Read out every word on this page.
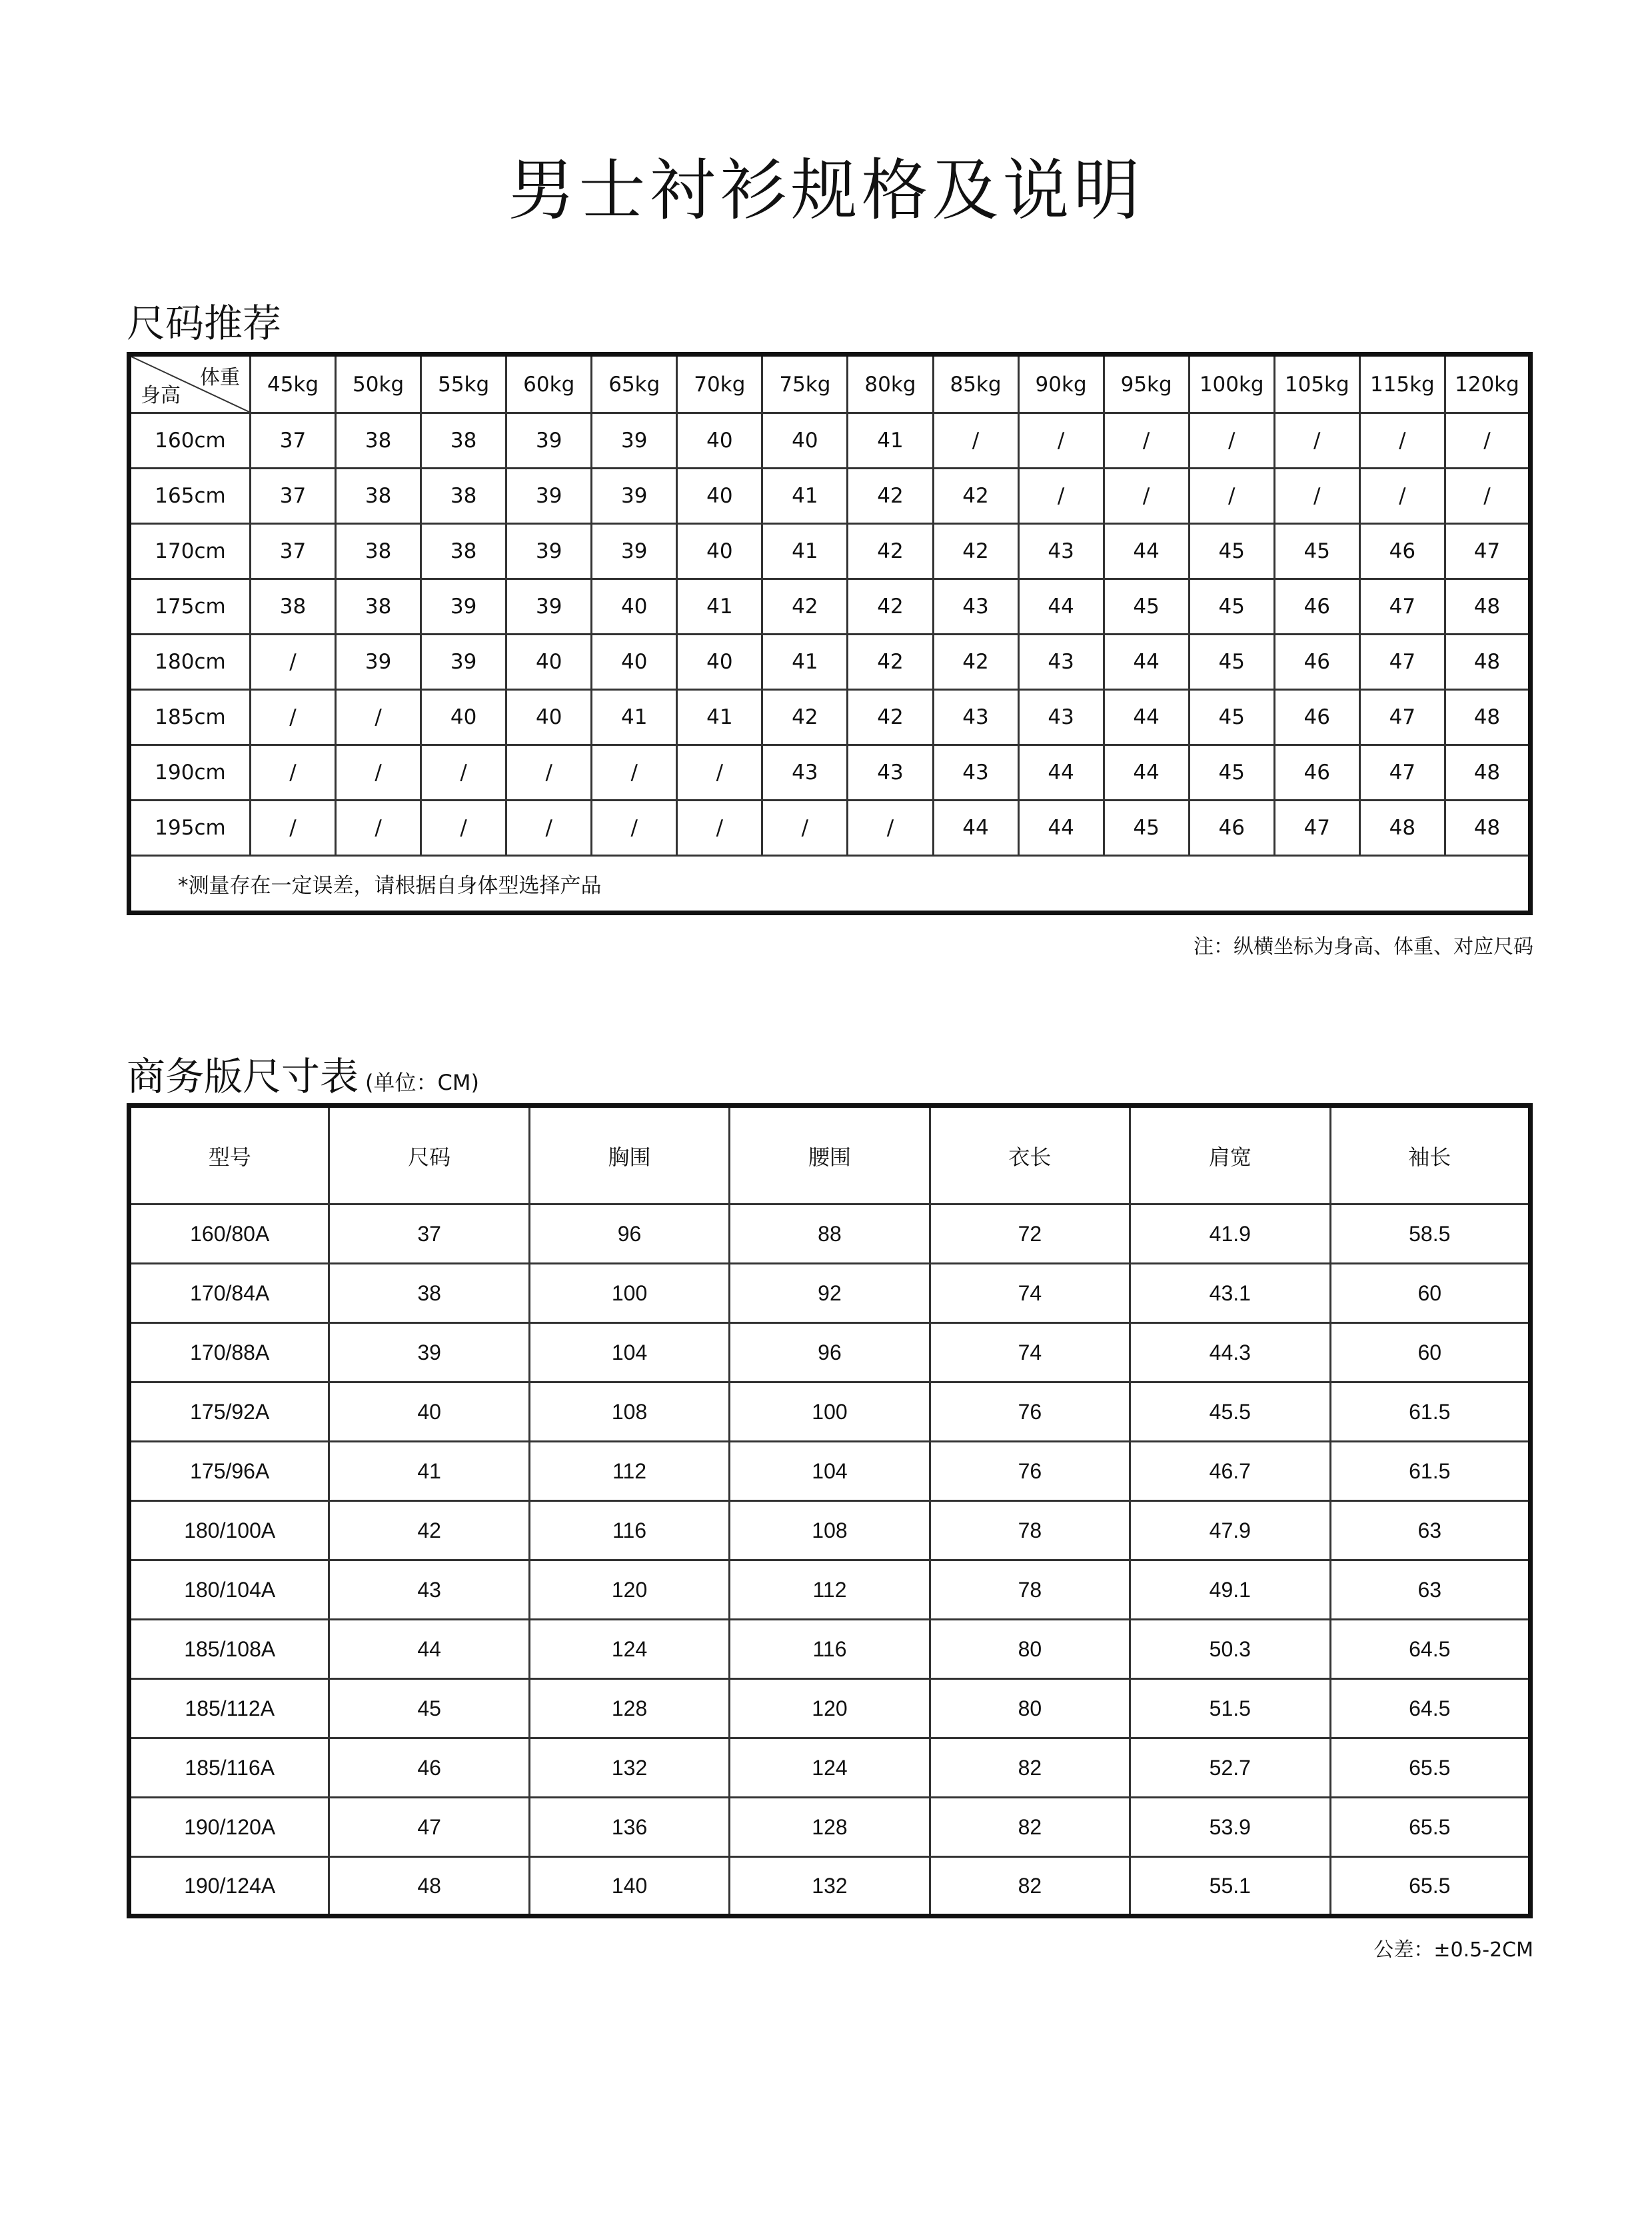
男士衬衫规格及说明
尺码推荐
体重
身高	45kg	50kg	55kg	60kg	65kg	70kg	75kg	80kg	85kg	90kg	95kg	100kg	105kg	115kg	120kg
160cm	37	38	38	39	39	40	40	41	/	/	/	/	/	/	/
165cm	37	38	38	39	39	40	41	42	42	/	/	/	/	/	/
170cm	37	38	38	39	39	40	41	42	42	43	44	45	45	46	47
175cm	38	38	39	39	40	41	42	42	43	44	45	45	46	47	48
180cm	/	39	39	40	40	40	41	42	42	43	44	45	46	47	48
185cm	/	/	40	40	41	41	42	42	43	43	44	45	46	47	48
190cm	/	/	/	/	/	/	43	43	43	44	44	45	46	47	48
195cm	/	/	/	/	/	/	/	/	44	44	45	46	47	48	48
*测量存在一定误差，请根据自身体型选择产品															
注：纵横坐标为身高、体重、对应尺码
商务版尺寸表 (单位：CM)
型号	尺码	胸围	腰围	衣长	肩宽	袖长
160/80A	37	96	88	72	41.9	58.5
170/84A	38	100	92	74	43.1	60
170/88A	39	104	96	74	44.3	60
175/92A	40	108	100	76	45.5	61.5
175/96A	41	112	104	76	46.7	61.5
180/100A	42	116	108	78	47.9	63
180/104A	43	120	112	78	49.1	63
185/108A	44	124	116	80	50.3	64.5
185/112A	45	128	120	80	51.5	64.5
185/116A	46	132	124	82	52.7	65.5
190/120A	47	136	128	82	53.9	65.5
190/124A	48	140	132	82	55.1	65.5
公差：±0.5-2CM
